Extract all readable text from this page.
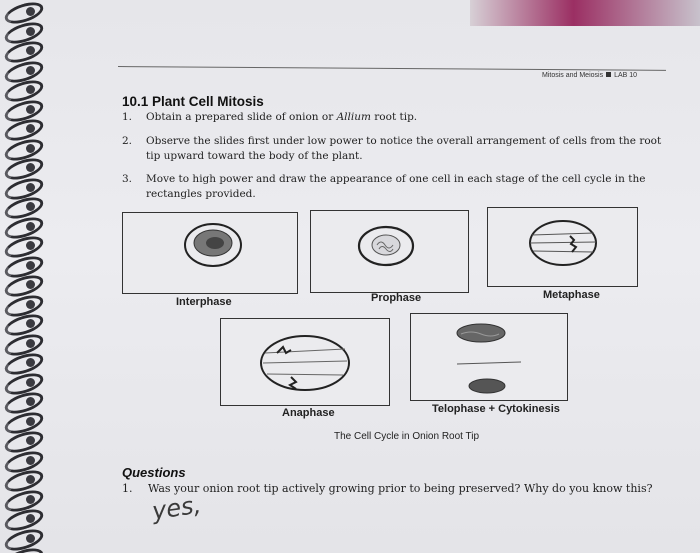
Mitosis and Meiosis LAB 10
10.1 Plant Cell Mitosis
1. Obtain a prepared slide of onion or Allium root tip.
2. Observe the slides first under low power to notice the overall arrangement of cells from the root
tip upward toward the body of the plant.
3. Move to high power and draw the appearance of one cell in each stage of the cell cycle in the
rectangles provided.
Interphase	Prophase	Metaphase
Anaphase	Telophase + Cytokinesis
The Cell Cycle in Onion Root Tip
Questions
1. Was your onion root tip actively growing prior to being preserved? Why do you know this?
yes,
